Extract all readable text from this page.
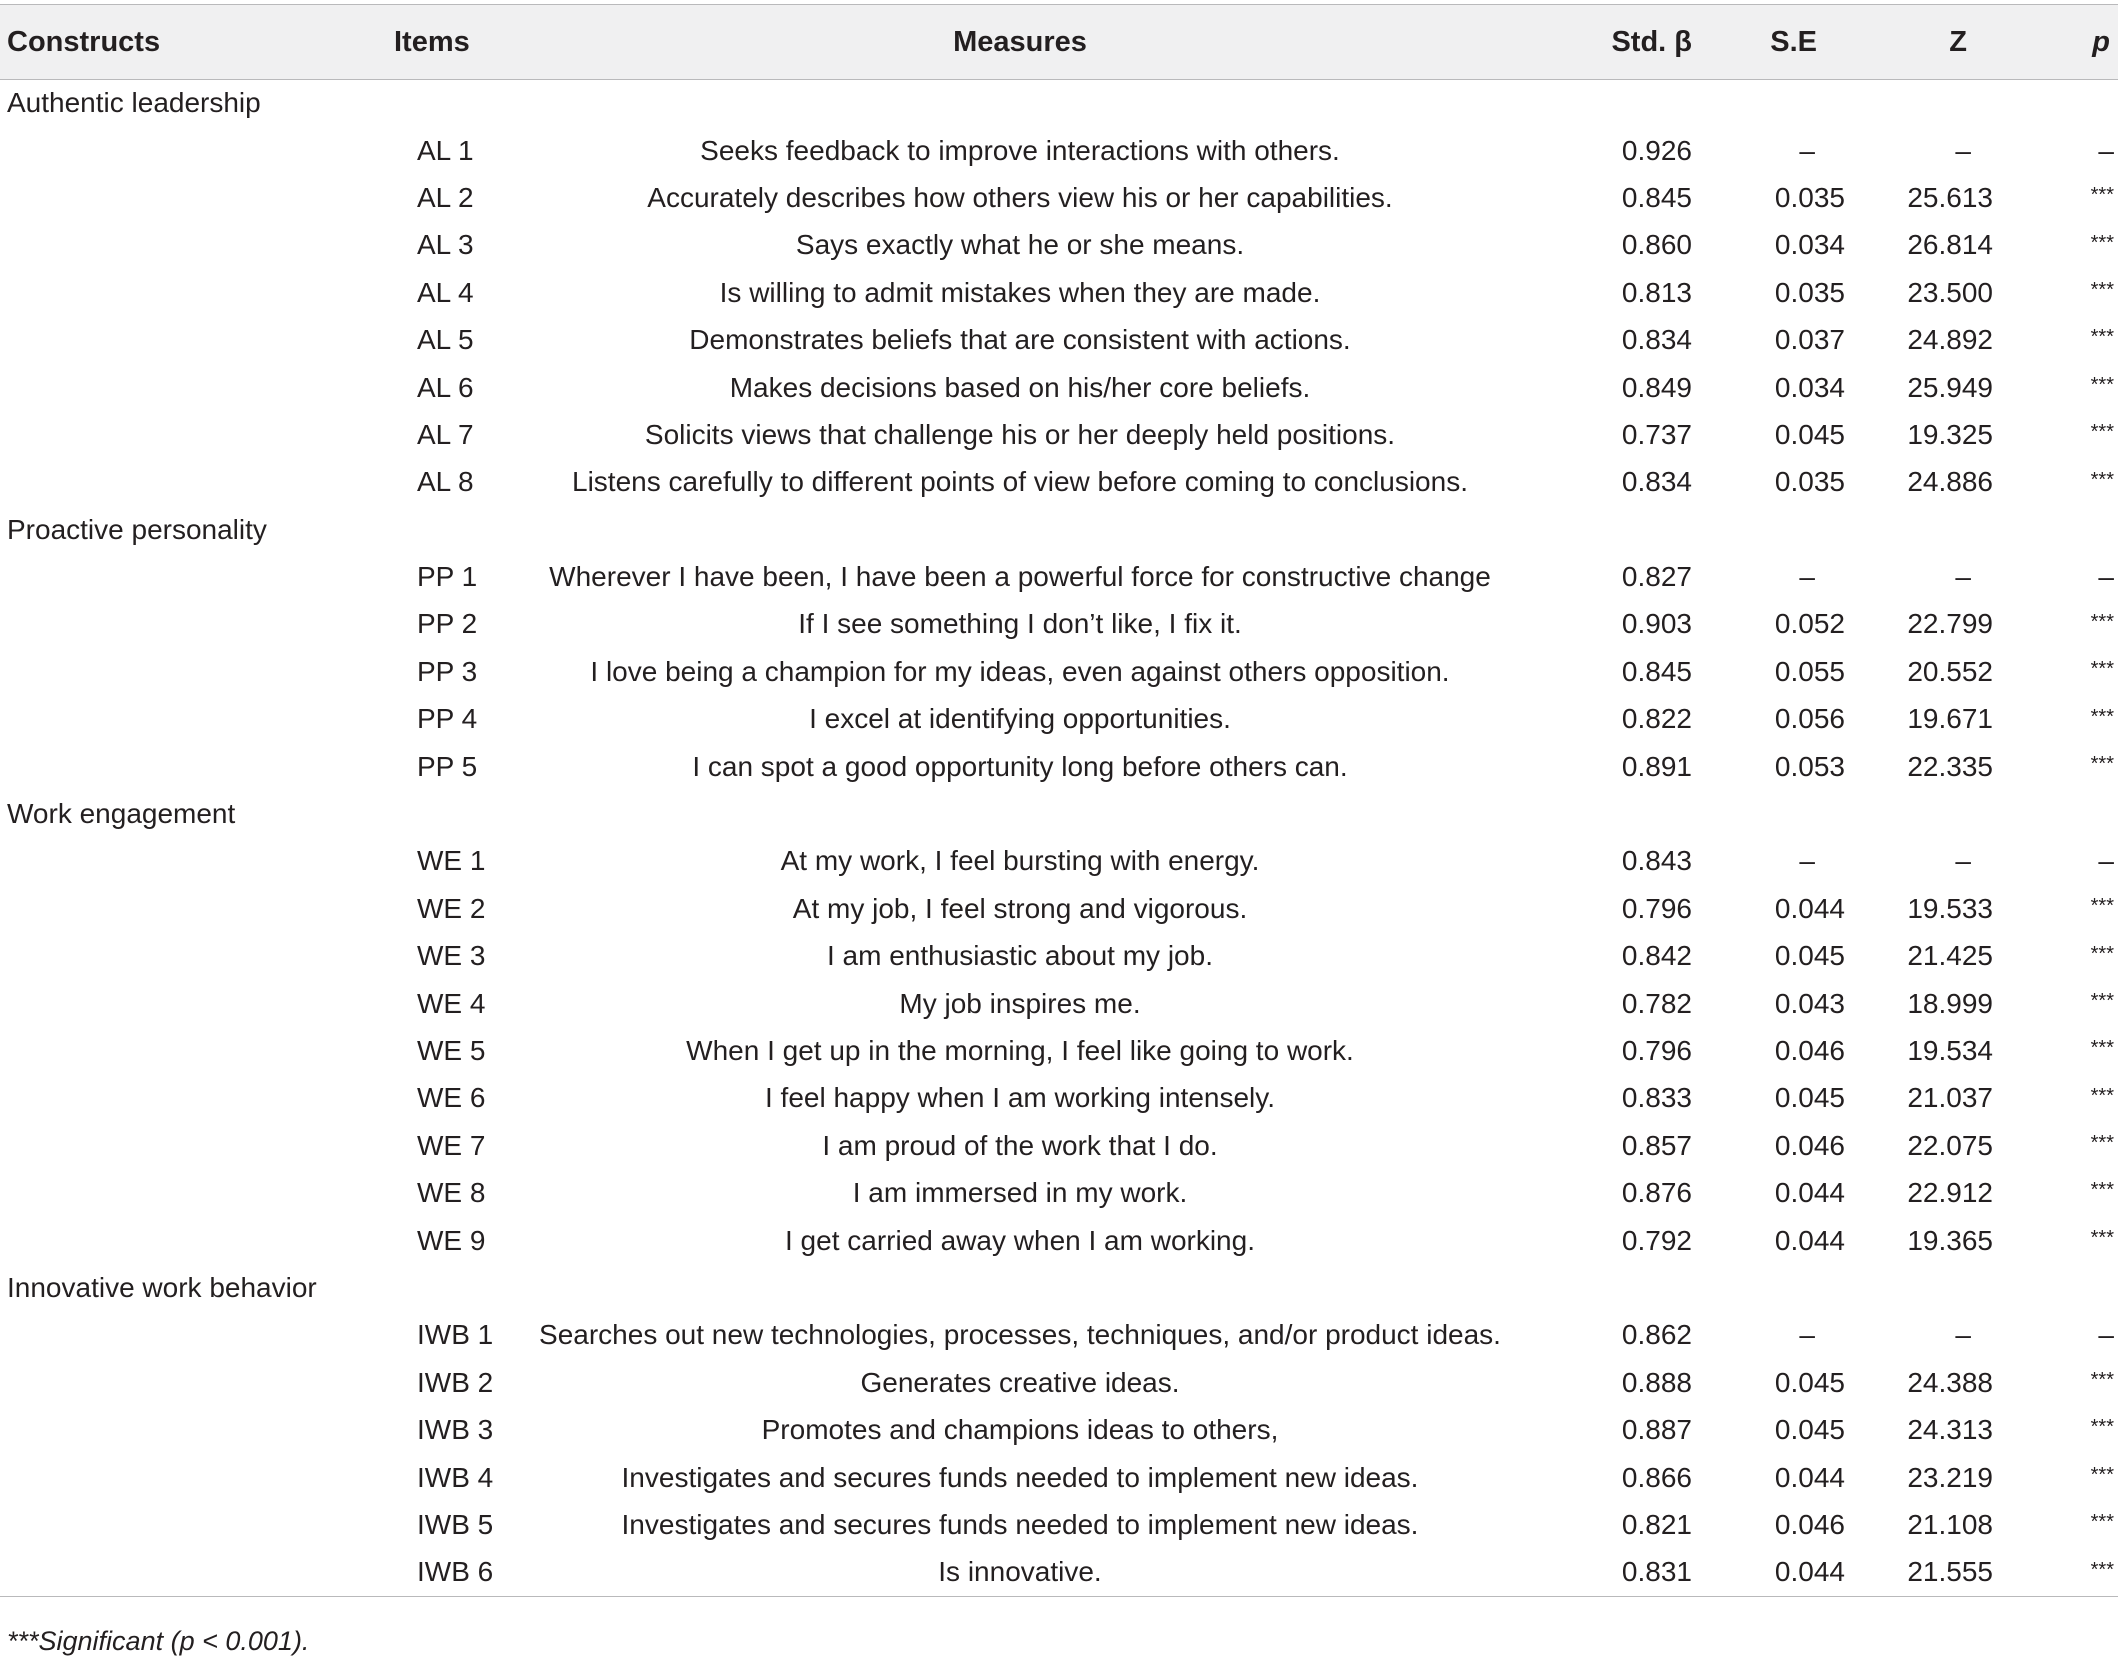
Constructs	Items	Measures	Std. β	S.E	Z	p
Authentic leadership						
	AL 1	Seeks feedback to improve interactions with others.	0.926	–	–	–
	AL 2	Accurately describes how others view his or her capabilities.	0.845	0.035	25.613	***
	AL 3	Says exactly what he or she means.	0.860	0.034	26.814	***
	AL 4	Is willing to admit mistakes when they are made.	0.813	0.035	23.500	***
	AL 5	Demonstrates beliefs that are consistent with actions.	0.834	0.037	24.892	***
	AL 6	Makes decisions based on his/her core beliefs.	0.849	0.034	25.949	***
	AL 7	Solicits views that challenge his or her deeply held positions.	0.737	0.045	19.325	***
	AL 8	Listens carefully to different points of view before coming to conclusions.	0.834	0.035	24.886	***
Proactive personality						
	PP 1	Wherever I have been, I have been a powerful force for constructive change	0.827	–	–	–
	PP 2	If I see something I don’t like, I fix it.	0.903	0.052	22.799	***
	PP 3	I love being a champion for my ideas, even against others opposition.	0.845	0.055	20.552	***
	PP 4	I excel at identifying opportunities.	0.822	0.056	19.671	***
	PP 5	I can spot a good opportunity long before others can.	0.891	0.053	22.335	***
Work engagement						
	WE 1	At my work, I feel bursting with energy.	0.843	–	–	–
	WE 2	At my job, I feel strong and vigorous.	0.796	0.044	19.533	***
	WE 3	I am enthusiastic about my job.	0.842	0.045	21.425	***
	WE 4	My job inspires me.	0.782	0.043	18.999	***
	WE 5	When I get up in the morning, I feel like going to work.	0.796	0.046	19.534	***
	WE 6	I feel happy when I am working intensely.	0.833	0.045	21.037	***
	WE 7	I am proud of the work that I do.	0.857	0.046	22.075	***
	WE 8	I am immersed in my work.	0.876	0.044	22.912	***
	WE 9	I get carried away when I am working.	0.792	0.044	19.365	***
Innovative work behavior						
	IWB 1	Searches out new technologies, processes, techniques, and/or product ideas.	0.862	–	–	–
	IWB 2	Generates creative ideas.	0.888	0.045	24.388	***
	IWB 3	Promotes and champions ideas to others,	0.887	0.045	24.313	***
	IWB 4	Investigates and secures funds needed to implement new ideas.	0.866	0.044	23.219	***
	IWB 5	Investigates and secures funds needed to implement new ideas.	0.821	0.046	21.108	***
	IWB 6	Is innovative.	0.831	0.044	21.555	***
***Significant (p < 0.001).
